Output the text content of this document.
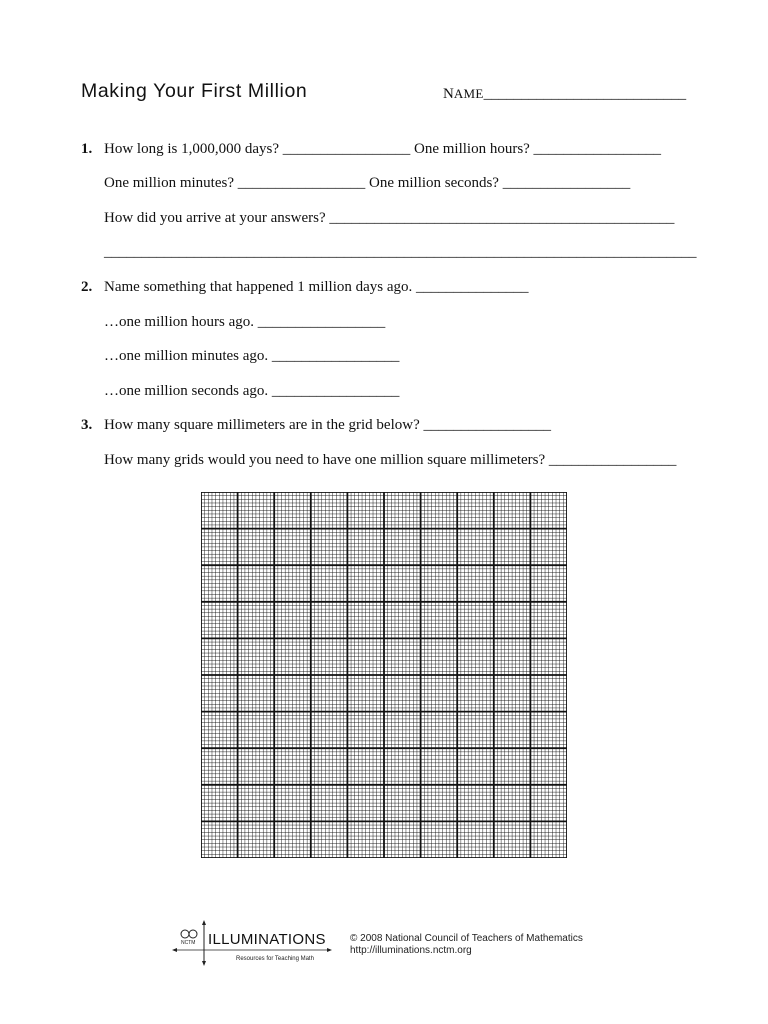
Making Your First Million	NAME___________________________
1. How long is 1,000,000 days? _________________ One million hours? _________________
One million minutes? _________________ One million seconds? _________________
How did you arrive at your answers? ______________________________________________
_______________________________________________________________________________
2. Name something that happened 1 million days ago. _______________
…one million hours ago. _________________
…one million minutes ago. _________________
…one million seconds ago. _________________
3. How many square millimeters are in the grid below? _________________
How many grids would you need to have one million square millimeters? _________________
NCTM ILLUMINATIONS
Resources for Teaching Math
© 2008 National Council of Teachers of Mathematics
http://illuminations.nctm.org
